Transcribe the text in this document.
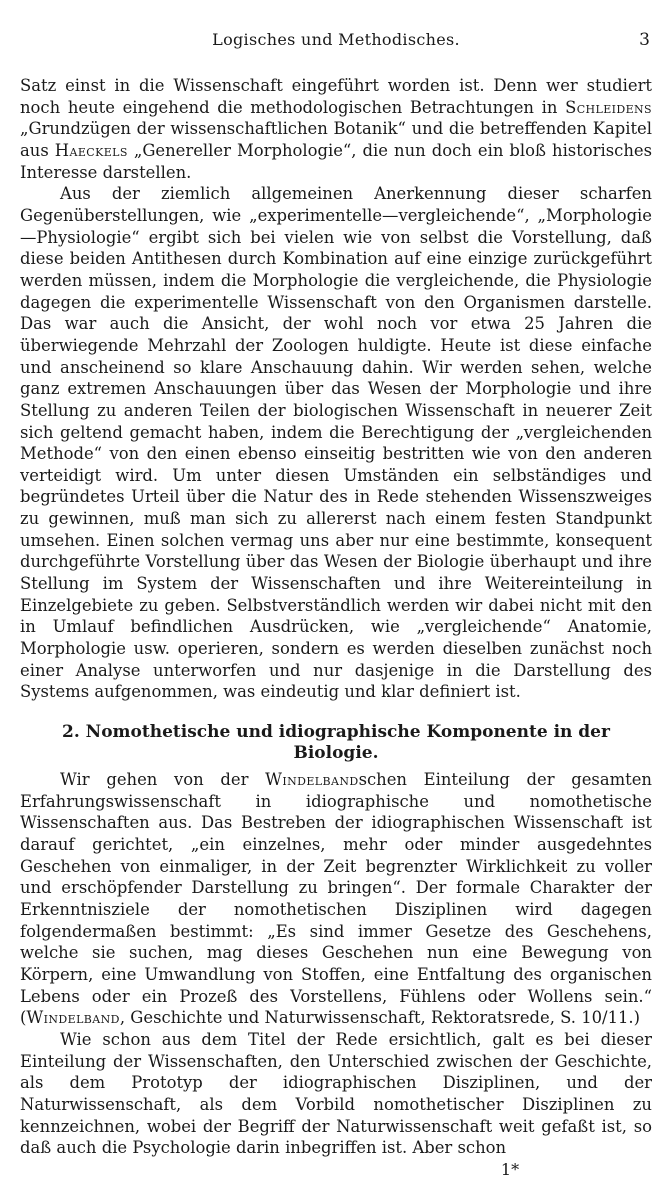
Logisches und Methodisches.	3

Satz einst in die Wissenschaft eingeführt worden ist. Denn wer studiert noch heute eingehend die methodologischen Betrachtungen in Schleidens „Grundzügen der wissenschaftlichen Botanik“ und die betreffenden Kapitel aus Haeckels „Genereller Morphologie“, die nun doch ein bloß historisches Interesse darstellen.

Aus der ziemlich allgemeinen Anerkennung dieser scharfen Gegenüberstellungen, wie „experimentelle—vergleichende“, „Morphologie—Physiologie“ ergibt sich bei vielen wie von selbst die Vorstellung, daß diese beiden Antithesen durch Kombination auf eine einzige zurückgeführt werden müssen, indem die Morphologie die vergleichende, die Physiologie dagegen die experimentelle Wissenschaft von den Organismen darstelle. Das war auch die Ansicht, der wohl noch vor etwa 25 Jahren die überwiegende Mehrzahl der Zoologen huldigte. Heute ist diese einfache und anscheinend so klare Anschauung dahin. Wir werden sehen, welche ganz extremen Anschauungen über das Wesen der Morphologie und ihre Stellung zu anderen Teilen der biologischen Wissenschaft in neuerer Zeit sich geltend gemacht haben, indem die Berechtigung der „vergleichenden Methode“ von den einen ebenso einseitig bestritten wie von den anderen verteidigt wird. Um unter diesen Umständen ein selbständiges und begründetes Urteil über die Natur des in Rede stehenden Wissenszweiges zu gewinnen, muß man sich zu allererst nach einem festen Standpunkt umsehen. Einen solchen vermag uns aber nur eine bestimmte, konsequent durchgeführte Vorstellung über das Wesen der Biologie überhaupt und ihre Stellung im System der Wissenschaften und ihre Weitereinteilung in Einzelgebiete zu geben. Selbstverständlich werden wir dabei nicht mit den in Umlauf befindlichen Ausdrücken, wie „vergleichende“ Anatomie, Morphologie usw. operieren, sondern es werden dieselben zunächst noch einer Analyse unterworfen und nur dasjenige in die Darstellung des Systems aufgenommen, was eindeutig und klar definiert ist.

2. Nomothetische und idiographische Komponente in der Biologie.

Wir gehen von der Windelbandschen Einteilung der gesamten Erfahrungswissenschaft in idiographische und nomothetische Wissenschaften aus. Das Bestreben der idiographischen Wissenschaft ist darauf gerichtet, „ein einzelnes, mehr oder minder ausgedehntes Geschehen von einmaliger, in der Zeit begrenzter Wirklichkeit zu voller und erschöpfender Darstellung zu bringen“. Der formale Charakter der Erkenntnisziele der nomothetischen Disziplinen wird dagegen folgendermaßen bestimmt: „Es sind immer Gesetze des Geschehens, welche sie suchen, mag dieses Geschehen nun eine Bewegung von Körpern, eine Umwandlung von Stoffen, eine Entfaltung des organischen Lebens oder ein Prozeß des Vorstellens, Fühlens oder Wollens sein.“ (Windelband, Geschichte und Naturwissenschaft, Rektoratsrede, S. 10/11.)

Wie schon aus dem Titel der Rede ersichtlich, galt es bei dieser Einteilung der Wissenschaften, den Unterschied zwischen der Geschichte, als dem Prototyp der idiographischen Disziplinen, und der Naturwissenschaft, als dem Vorbild nomothetischer Disziplinen zu kennzeichnen, wobei der Begriff der Naturwissenschaft weit gefaßt ist, so daß auch die Psychologie darin inbegriffen ist. Aber schon

1*
